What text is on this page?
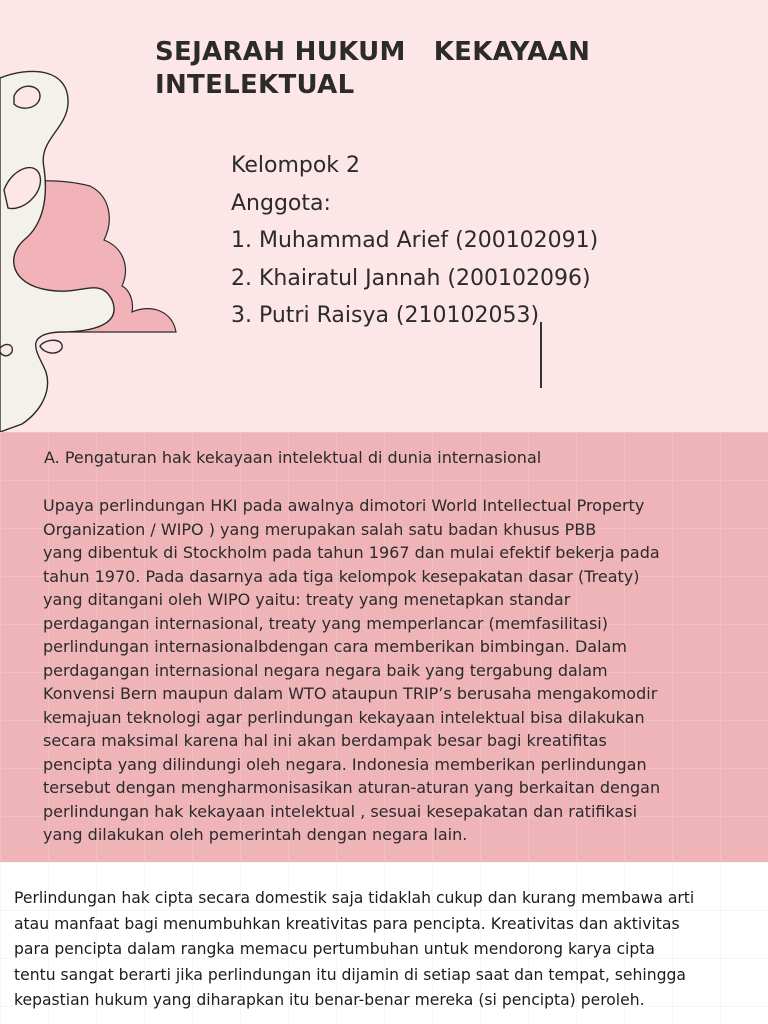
SEJARAH HUKUM   KEKAYAAN
INTELEKTUAL
Kelompok 2
Anggota:
1. Muhammad Arief (200102091)
2. Khairatul Jannah (200102096)
3. Putri Raisya (210102053)
A. Pengaturan hak kekayaan intelektual di dunia internasional
Upaya perlindungan HKI pada awalnya dimotori World Intellectual Property
Organization / WIPO ) yang merupakan salah satu badan khusus PBB
yang dibentuk di Stockholm pada tahun 1967 dan mulai efektif bekerja pada
tahun 1970. Pada dasarnya ada tiga kelompok kesepakatan dasar (Treaty)
yang ditangani oleh WIPO yaitu: treaty yang menetapkan standar
perdagangan internasional, treaty yang memperlancar (memfasilitasi)
perlindungan internasionalbdengan cara memberikan bimbingan. Dalam
perdagangan internasional negara negara baik yang tergabung dalam
Konvensi Bern maupun dalam WTO ataupun TRIP’s berusaha mengakomodir
kemajuan teknologi agar perlindungan kekayaan intelektual bisa dilakukan
secara maksimal karena hal ini akan berdampak besar bagi kreatifitas
pencipta yang dilindungi oleh negara. Indonesia memberikan perlindungan
tersebut dengan mengharmonisasikan aturan-aturan yang berkaitan dengan
perlindungan hak kekayaan intelektual , sesuai kesepakatan dan ratifikasi
yang dilakukan oleh pemerintah dengan negara lain.
Perlindungan hak cipta secara domestik saja tidaklah cukup dan kurang membawa arti
atau manfaat bagi menumbuhkan kreativitas para pencipta. Kreativitas dan aktivitas
para pencipta dalam rangka memacu pertumbuhan untuk mendorong karya cipta
tentu sangat berarti jika perlindungan itu dijamin di setiap saat dan tempat, sehingga
kepastian hukum yang diharapkan itu benar-benar mereka (si pencipta) peroleh.
